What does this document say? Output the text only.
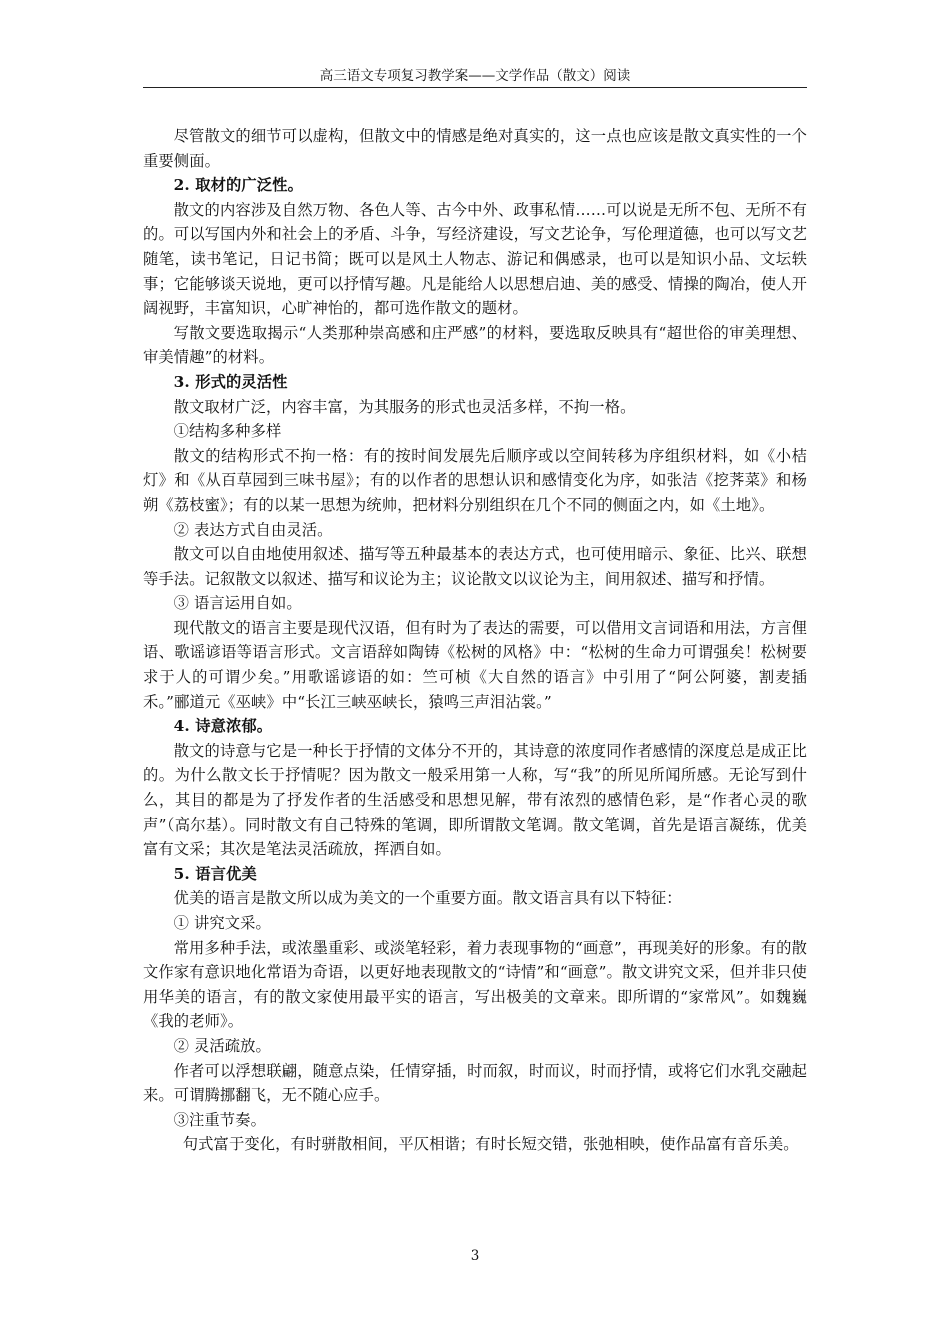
高三语文专项复习教学案——文学作品（散文）阅读

尽管散文的细节可以虚构，但散文中的情感是绝对真实的，这一点也应该是散文真实性的一个重要侧面。

2. 取材的广泛性。

散文的内容涉及自然万物、各色人等、古今中外、政事私情……可以说是无所不包、无所不有的。可以写国内外和社会上的矛盾、斗争，写经济建设，写文艺论争，写伦理道德，也可以写文艺随笔，读书笔记，日记书简；既可以是风土人物志、游记和偶感录，也可以是知识小品、文坛轶事；它能够谈天说地，更可以抒情写趣。凡是能给人以思想启迪、美的感受、情操的陶冶，使人开阔视野，丰富知识，心旷神怡的，都可选作散文的题材。

写散文要选取揭示“人类那种崇高感和庄严感”的材料，要选取反映具有“超世俗的审美理想、审美情趣”的材料。

3. 形式的灵活性

散文取材广泛，内容丰富，为其服务的形式也灵活多样，不拘一格。

①结构多种多样

散文的结构形式不拘一格：有的按时间发展先后顺序或以空间转移为序组织材料，如《小桔灯》和《从百草园到三味书屋》；有的以作者的思想认识和感情变化为序，如张洁《挖荠菜》和杨朔《荔枝蜜》；有的以某一思想为统帅，把材料分别组织在几个不同的侧面之内，如《土地》。

② 表达方式自由灵活。

散文可以自由地使用叙述、描写等五种最基本的表达方式，也可使用暗示、象征、比兴、联想等手法。记叙散文以叙述、描写和议论为主；议论散文以议论为主，间用叙述、描写和抒情。

③ 语言运用自如。

现代散文的语言主要是现代汉语，但有时为了表达的需要，可以借用文言词语和用法，方言俚语、歌谣谚语等语言形式。文言语辞如陶铸《松树的风格》中：“松树的生命力可谓强矣！松树要求于人的可谓少矣。”用歌谣谚语的如：竺可桢《大自然的语言》中引用了“阿公阿婆，割麦插禾。”郦道元《巫峡》中“长江三峡巫峡长，猿鸣三声泪沾裳。”

4. 诗意浓郁。

散文的诗意与它是一种长于抒情的文体分不开的，其诗意的浓度同作者感情的深度总是成正比的。为什么散文长于抒情呢？因为散文一般采用第一人称，写“我”的所见所闻所感。无论写到什么，其目的都是为了抒发作者的生活感受和思想见解，带有浓烈的感情色彩，是“作者心灵的歌声”（高尔基）。同时散文有自己特殊的笔调，即所谓散文笔调。散文笔调，首先是语言凝练，优美富有文采；其次是笔法灵活疏放，挥洒自如。

5. 语言优美

优美的语言是散文所以成为美文的一个重要方面。散文语言具有以下特征：

① 讲究文采。

常用多种手法，或浓墨重彩、或淡笔轻彩，着力表现事物的“画意”，再现美好的形象。有的散文作家有意识地化常语为奇语，以更好地表现散文的“诗情”和“画意”。散文讲究文采，但并非只使用华美的语言，有的散文家使用最平实的语言，写出极美的文章来。即所谓的“家常风”。如魏巍《我的老师》。

② 灵活疏放。

作者可以浮想联翩，随意点染，任情穿插，时而叙，时而议，时而抒情，或将它们水乳交融起来。可谓腾挪翻飞，无不随心应手。

③注重节奏。

句式富于变化，有时骈散相间，平仄相谐；有时长短交错，张弛相映，使作品富有音乐美。

3
